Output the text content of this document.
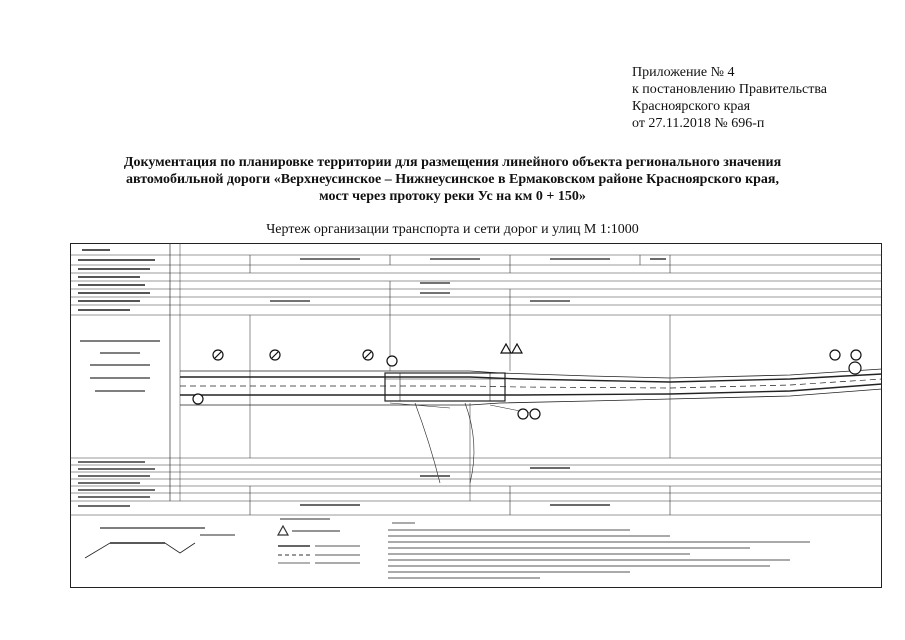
Приложение № 4
к постановлению Правительства
Красноярского края
от 27.11.2018 № 696-п
Документация по планировке территории для размещения линейного объекта регионального значения
автомобильной дороги «Верхнеусинское – Нижнеусинское в Ермаковском районе Красноярского края,
мост через протоку реки Ус на км 0 + 150»
Чертеж организации транспорта и сети дорог и улиц М 1:1000
